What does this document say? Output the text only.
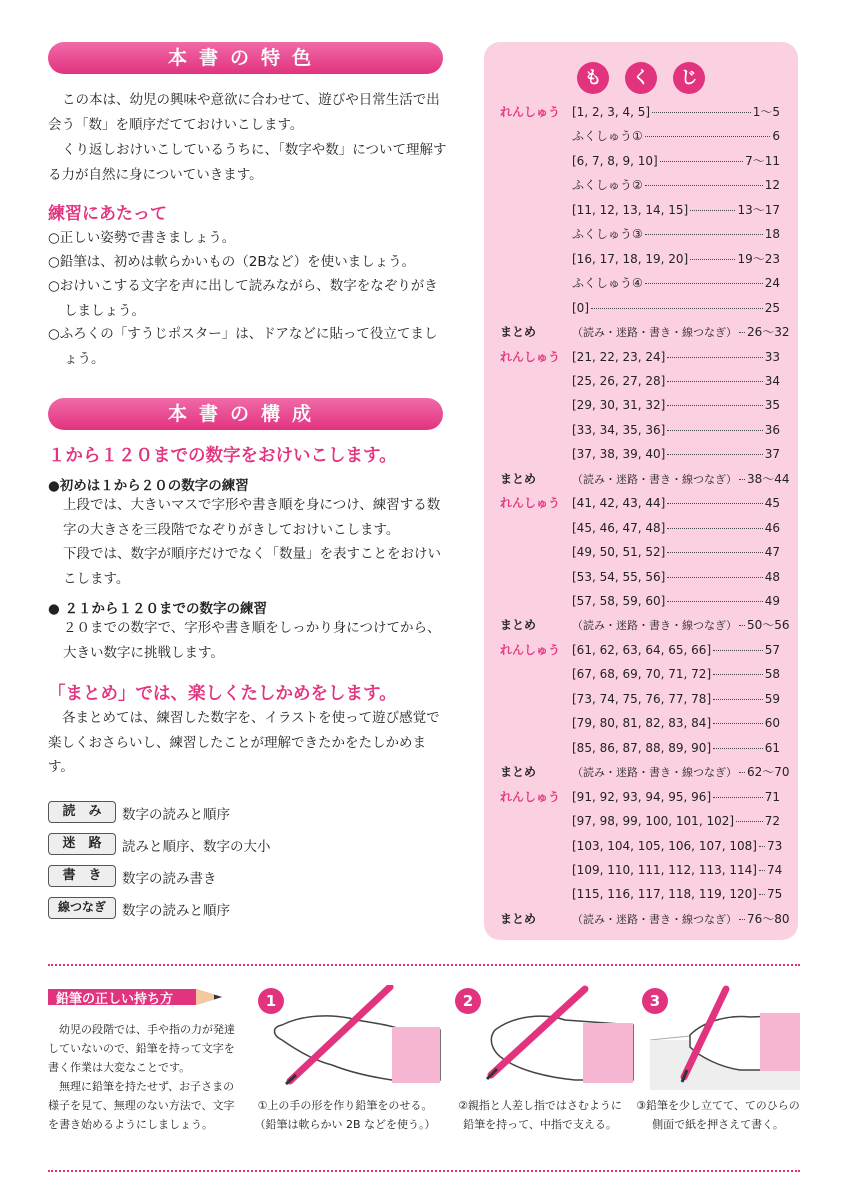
本書の特色
この本は、幼児の興味や意欲に合わせて、遊びや日常生活で出会う「数」を順序だてておけいこします。
くり返しおけいこしているうちに、「数字や数」について理解する力が自然に身についていきます。
練習にあたって
○正しい姿勢で書きましょう。
○鉛筆は、初めは軟らかいもの（2Bなど）を使いましょう。
○おけいこする文字を声に出して読みながら、数字をなぞりがきしましょう。
○ふろくの「すうじポスター」は、ドアなどに貼って役立てましょう。
本書の構成
１から１２０までの数字をおけいこします。
●初めは１から２０の数字の練習
上段では、大きいマスで字形や書き順を身につけ、練習する数字の大きさを三段階でなぞりがきしておけいこします。
下段では、数字が順序だけでなく「数量」を表すことをおけいこします。
● ２１から１２０までの数字の練習
２０までの数字で、字形や書き順をしっかり身につけてから、大きい数字に挑戦します。
「まとめ」では、楽しくたしかめをします。
各まとめては、練習した数字を、イラストを使って遊び感覚で楽しくおさらいし、練習したことが理解できたかをたしかめます。
読　み	数字の読みと順序
迷　路	読みと順序、数字の大小
書　き	数字の読み書き
線つなぎ	数字の読みと順序
も	く	じ
れんしゅう [1, 2, 3, 4, 5]	1〜5
ふくしゅう①	6
[6, 7, 8, 9, 10]	7〜11
ふくしゅう②	12
[11, 12, 13, 14, 15]	13〜17
ふくしゅう③	18
[16, 17, 18, 19, 20]	19〜23
ふくしゅう④	24
[0]	25
まとめ	（読み・迷路・書き・線つなぎ） 26〜32
れんしゅう [21, 22, 23, 24]	33
[25, 26, 27, 28]	34
[29, 30, 31, 32]	35
[33, 34, 35, 36]	36
[37, 38, 39, 40]	37
まとめ	（読み・迷路・書き・線つなぎ） 38〜44
れんしゅう [41, 42, 43, 44]	45
[45, 46, 47, 48]	46
[49, 50, 51, 52]	47
[53, 54, 55, 56]	48
[57, 58, 59, 60]	49
まとめ	（読み・迷路・書き・線つなぎ） 50〜56
れんしゅう [61, 62, 63, 64, 65, 66]	57
[67, 68, 69, 70, 71, 72]	58
[73, 74, 75, 76, 77, 78]	59
[79, 80, 81, 82, 83, 84]	60
[85, 86, 87, 88, 89, 90]	61
まとめ	（読み・迷路・書き・線つなぎ） 62〜70
れんしゅう [91, 92, 93, 94, 95, 96]	71
[97, 98, 99, 100, 101, 102]	72
[103, 104, 105, 106, 107, 108] 73
[109, 110, 111, 112, 113, 114] 74
[115, 116, 117, 118, 119, 120] 75
まとめ	（読み・迷路・書き・線つなぎ） 76〜80
鉛筆の正しい持ち方
幼児の段階では、手や指の力が発達していないので、鉛筆を持って文字を書く作業は大変なことです。
無理に鉛筆を持たせず、お子さまの様子を見て、無理のない方法で、文字を書き始めるようにしましょう。
1
①上の手の形を作り鉛筆をのせる。
（鉛筆は軟らかい 2B などを使う。）
2
②親指と人差し指ではさむように
鉛筆を持って、中指で支える。
3
③鉛筆を少し立てて、てのひらの
側面で紙を押さえて書く。
